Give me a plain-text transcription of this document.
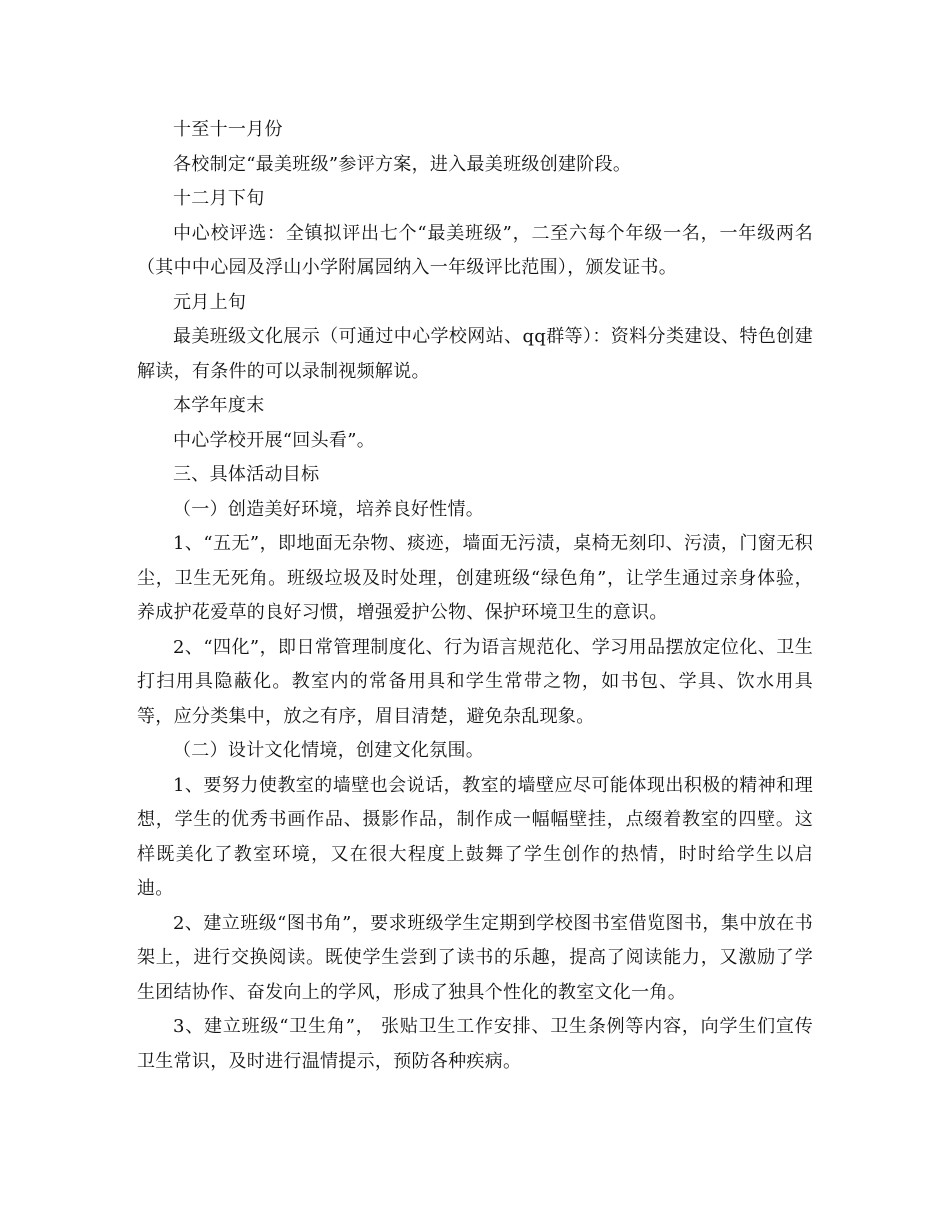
十至十一月份

各校制定“最美班级”参评方案，进入最美班级创建阶段。

十二月下旬

中心校评选：全镇拟评出七个“最美班级”，二至六每个年级一名，一年级两名（其中中心园及浮山小学附属园纳入一年级评比范围），颁发证书。

元月上旬

最美班级文化展示（可通过中心学校网站、qq群等）：资料分类建设、特色创建解读，有条件的可以录制视频解说。

本学年度末

中心学校开展“回头看”。

三、具体活动目标

（一）创造美好环境，培养良好性情。

1、“五无”，即地面无杂物、痰迹，墙面无污渍，桌椅无刻印、污渍，门窗无积尘，卫生无死角。班级垃圾及时处理，创建班级“绿色角”，让学生通过亲身体验，养成护花爱草的良好习惯，增强爱护公物、保护环境卫生的意识。

2、“四化”，即日常管理制度化、行为语言规范化、学习用品摆放定位化、卫生打扫用具隐蔽化。教室内的常备用具和学生常带之物，如书包、学具、饮水用具等，应分类集中，放之有序，眉目清楚，避免杂乱现象。

（二）设计文化情境，创建文化氛围。

1、要努力使教室的墙壁也会说话，教室的墙壁应尽可能体现出积极的精神和理想，学生的优秀书画作品、摄影作品，制作成一幅幅壁挂，点缀着教室的四壁。这样既美化了教室环境，又在很大程度上鼓舞了学生创作的热情，时时给学生以启迪。

2、建立班级“图书角”，要求班级学生定期到学校图书室借览图书，集中放在书架上，进行交换阅读。既使学生尝到了读书的乐趣，提高了阅读能力，又激励了学生团结协作、奋发向上的学风，形成了独具个性化的教室文化一角。

3、建立班级“卫生角”， 张贴卫生工作安排、卫生条例等内容，向学生们宣传卫生常识，及时进行温情提示，预防各种疾病。
